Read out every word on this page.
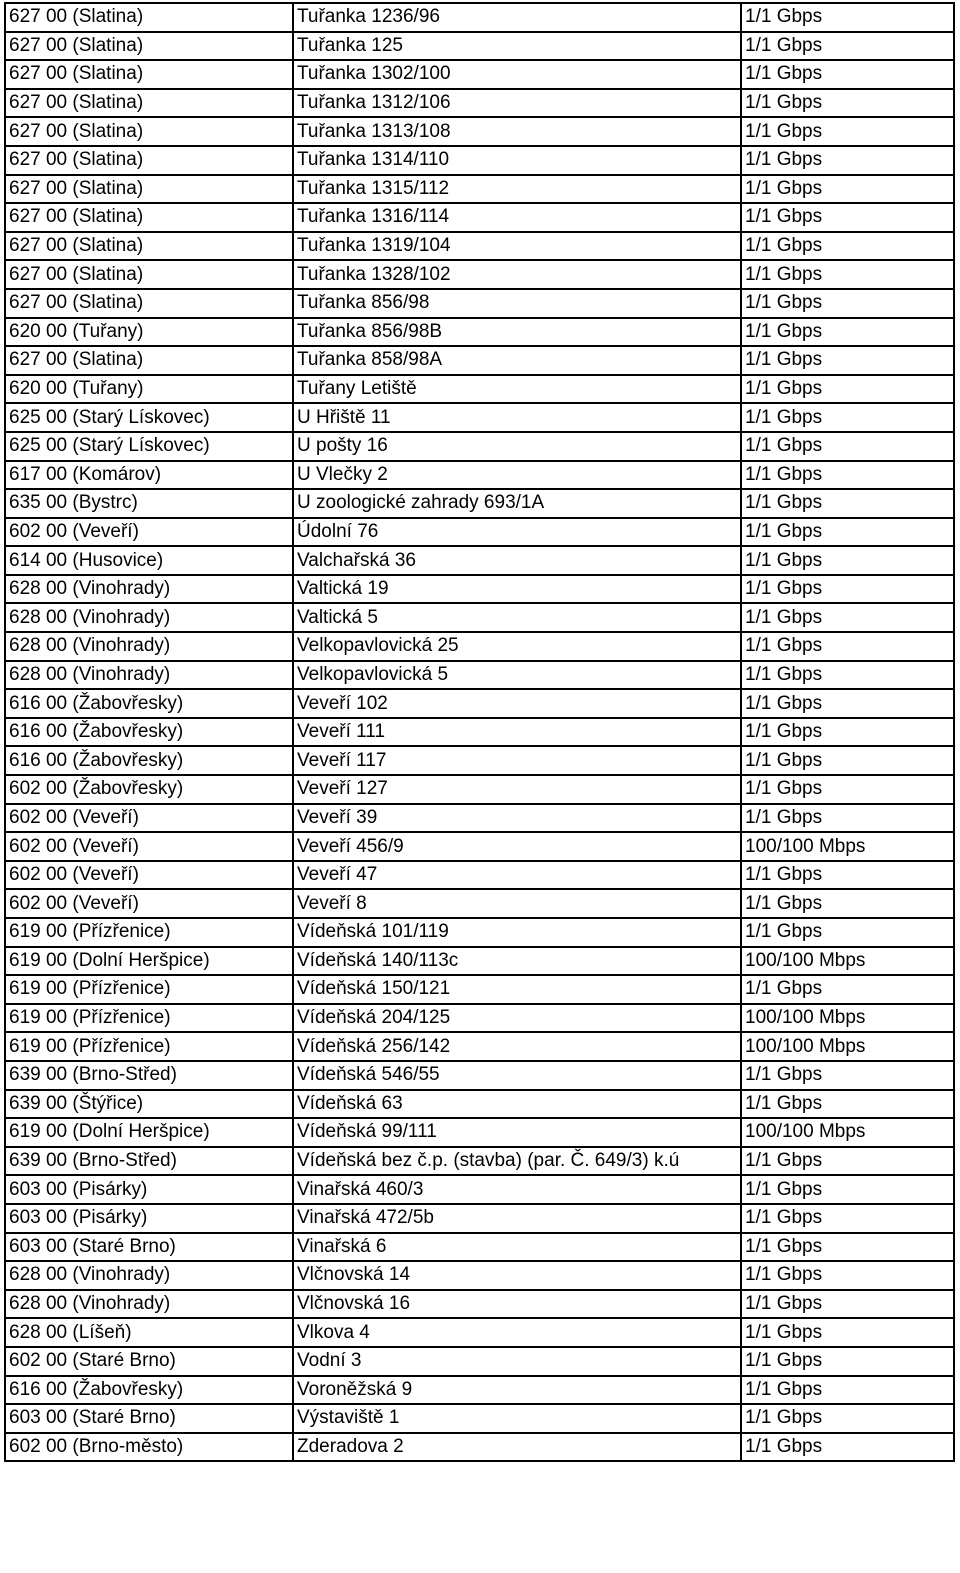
627 00 (Slatina)	Tuřanka 1236/96	1/1 Gbps
627 00 (Slatina)	Tuřanka 125	1/1 Gbps
627 00 (Slatina)	Tuřanka 1302/100	1/1 Gbps
627 00 (Slatina)	Tuřanka 1312/106	1/1 Gbps
627 00 (Slatina)	Tuřanka 1313/108	1/1 Gbps
627 00 (Slatina)	Tuřanka 1314/110	1/1 Gbps
627 00 (Slatina)	Tuřanka 1315/112	1/1 Gbps
627 00 (Slatina)	Tuřanka 1316/114	1/1 Gbps
627 00 (Slatina)	Tuřanka 1319/104	1/1 Gbps
627 00 (Slatina)	Tuřanka 1328/102	1/1 Gbps
627 00 (Slatina)	Tuřanka 856/98	1/1 Gbps
620 00 (Tuřany)	Tuřanka 856/98B	1/1 Gbps
627 00 (Slatina)	Tuřanka 858/98A	1/1 Gbps
620 00 (Tuřany)	Tuřany Letiště	1/1 Gbps
625 00 (Starý Lískovec)	U Hřiště 11	1/1 Gbps
625 00 (Starý Lískovec)	U pošty 16	1/1 Gbps
617 00 (Komárov)	U Vlečky 2	1/1 Gbps
635 00 (Bystrc)	U zoologické zahrady 693/1A	1/1 Gbps
602 00 (Veveří)	Údolní 76	1/1 Gbps
614 00 (Husovice)	Valchařská 36	1/1 Gbps
628 00 (Vinohrady)	Valtická 19	1/1 Gbps
628 00 (Vinohrady)	Valtická 5	1/1 Gbps
628 00 (Vinohrady)	Velkopavlovická 25	1/1 Gbps
628 00 (Vinohrady)	Velkopavlovická 5	1/1 Gbps
616 00 (Žabovřesky)	Veveří 102	1/1 Gbps
616 00 (Žabovřesky)	Veveří 111	1/1 Gbps
616 00 (Žabovřesky)	Veveří 117	1/1 Gbps
602 00 (Žabovřesky)	Veveří 127	1/1 Gbps
602 00 (Veveří)	Veveří 39	1/1 Gbps
602 00 (Veveří)	Veveří 456/9	100/100 Mbps
602 00 (Veveří)	Veveří 47	1/1 Gbps
602 00 (Veveří)	Veveří 8	1/1 Gbps
619 00 (Přízřenice)	Vídeňská 101/119	1/1 Gbps
619 00 (Dolní Heršpice)	Vídeňská 140/113c	100/100 Mbps
619 00 (Přízřenice)	Vídeňská 150/121	1/1 Gbps
619 00 (Přízřenice)	Vídeňská 204/125	100/100 Mbps
619 00 (Přízřenice)	Vídeňská 256/142	100/100 Mbps
639 00 (Brno-Střed)	Vídeňská 546/55	1/1 Gbps
639 00 (Štýřice)	Vídeňská 63	1/1 Gbps
619 00 (Dolní Heršpice)	Vídeňská 99/111	100/100 Mbps
639 00 (Brno-Střed)	Vídeňská bez č.p. (stavba) (par. Č. 649/3) k.ú	1/1 Gbps
603 00 (Pisárky)	Vinařská 460/3	1/1 Gbps
603 00 (Pisárky)	Vinařská 472/5b	1/1 Gbps
603 00 (Staré Brno)	Vinařská 6	1/1 Gbps
628 00 (Vinohrady)	Vlčnovská 14	1/1 Gbps
628 00 (Vinohrady)	Vlčnovská 16	1/1 Gbps
628 00 (Líšeň)	Vlkova 4	1/1 Gbps
602 00 (Staré Brno)	Vodní 3	1/1 Gbps
616 00 (Žabovřesky)	Voroněžská 9	1/1 Gbps
603 00 (Staré Brno)	Výstaviště 1	1/1 Gbps
602 00 (Brno-město)	Zderadova 2	1/1 Gbps
